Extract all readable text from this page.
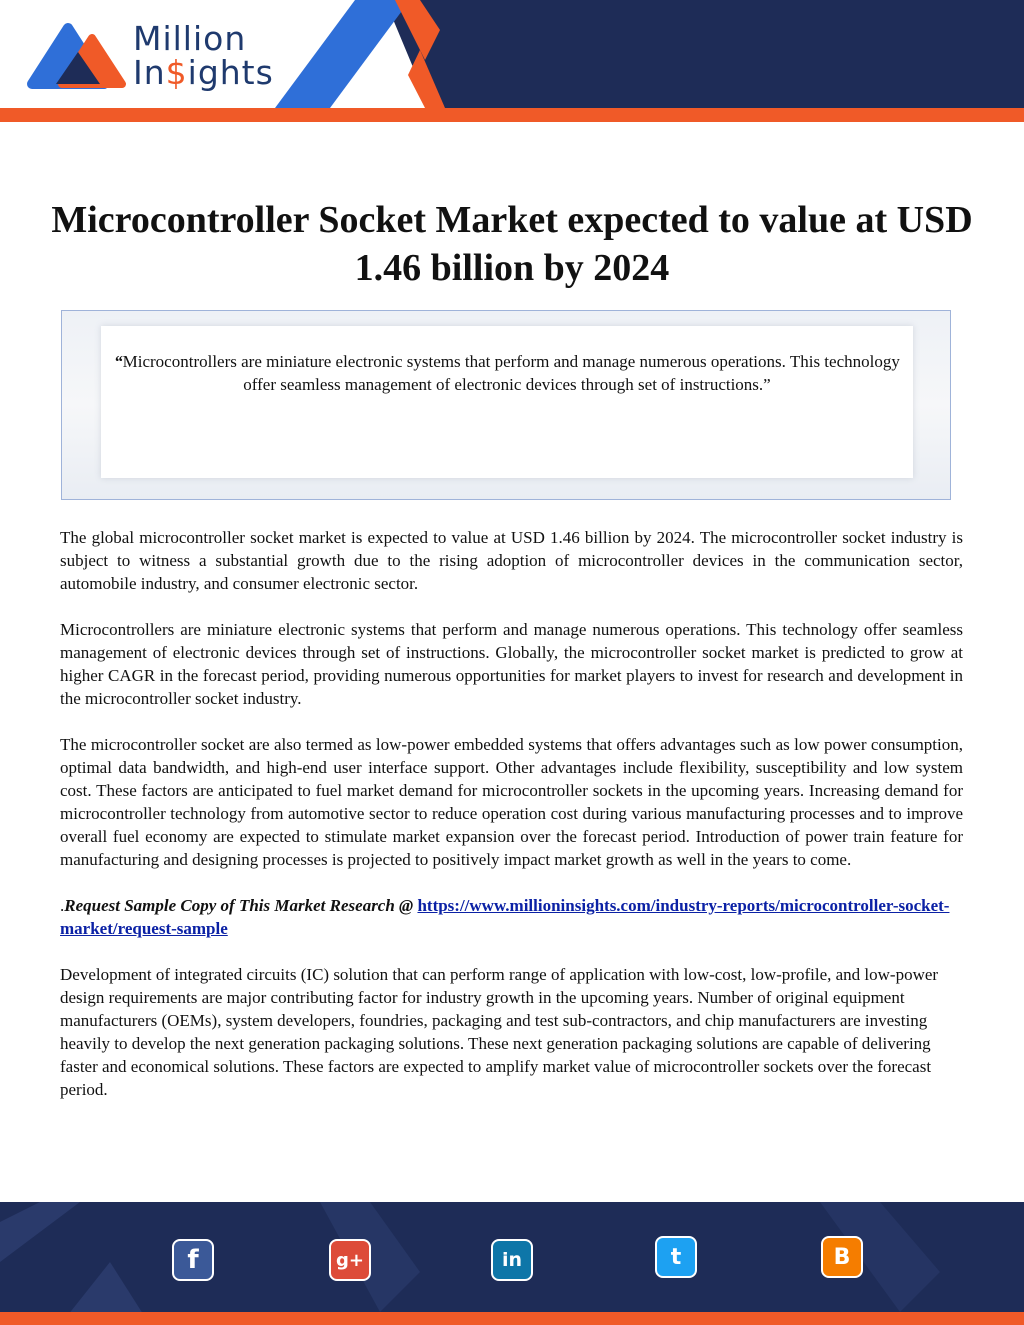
Million
In$ights
Microcontroller Socket Market expected to value at USD 1.46 billion by 2024

“Microcontrollers are miniature electronic systems that perform and manage numerous operations. This technology offer seamless management of electronic devices through set of instructions.”

The global microcontroller socket market is expected to value at USD 1.46 billion by 2024. The microcontroller socket industry is subject to witness a substantial growth due to the rising adoption of microcontroller devices in the communication sector, automobile industry, and consumer electronic sector.

Microcontrollers are miniature electronic systems that perform and manage numerous operations. This technology offer seamless management of electronic devices through set of instructions. Globally, the microcontroller socket market is predicted to grow at higher CAGR in the forecast period, providing numerous opportunities for market players to invest for research and development in the microcontroller socket industry.

The microcontroller socket are also termed as low-power embedded systems that offers advantages such as low power consumption, optimal data bandwidth, and high-end user interface support. Other advantages include flexibility, susceptibility and low system cost. These factors are anticipated to fuel market demand for microcontroller sockets in the upcoming years. Increasing demand for microcontroller technology from automotive sector to reduce operation cost during various manufacturing processes and to improve overall fuel economy are expected to stimulate market expansion over the forecast period. Introduction of power train feature for manufacturing and designing processes is projected to positively impact market growth as well in the years to come.

.Request Sample Copy of This Market Research @ https://www.millioninsights.com/industry-reports/microcontroller-socket-market/request-sample

Development of integrated circuits (IC) solution that can perform range of application with low-cost, low-profile, and low-power design requirements are major contributing factor for industry growth in the upcoming years. Number of original equipment manufacturers (OEMs), system developers, foundries, packaging and test sub-contractors, and chip manufacturers are investing heavily to develop the next generation packaging solutions. These next generation packaging solutions are capable of delivering faster and economical solutions. These factors are expected to amplify market value of microcontroller sockets over the forecast period.

f	g+	in	t	B
